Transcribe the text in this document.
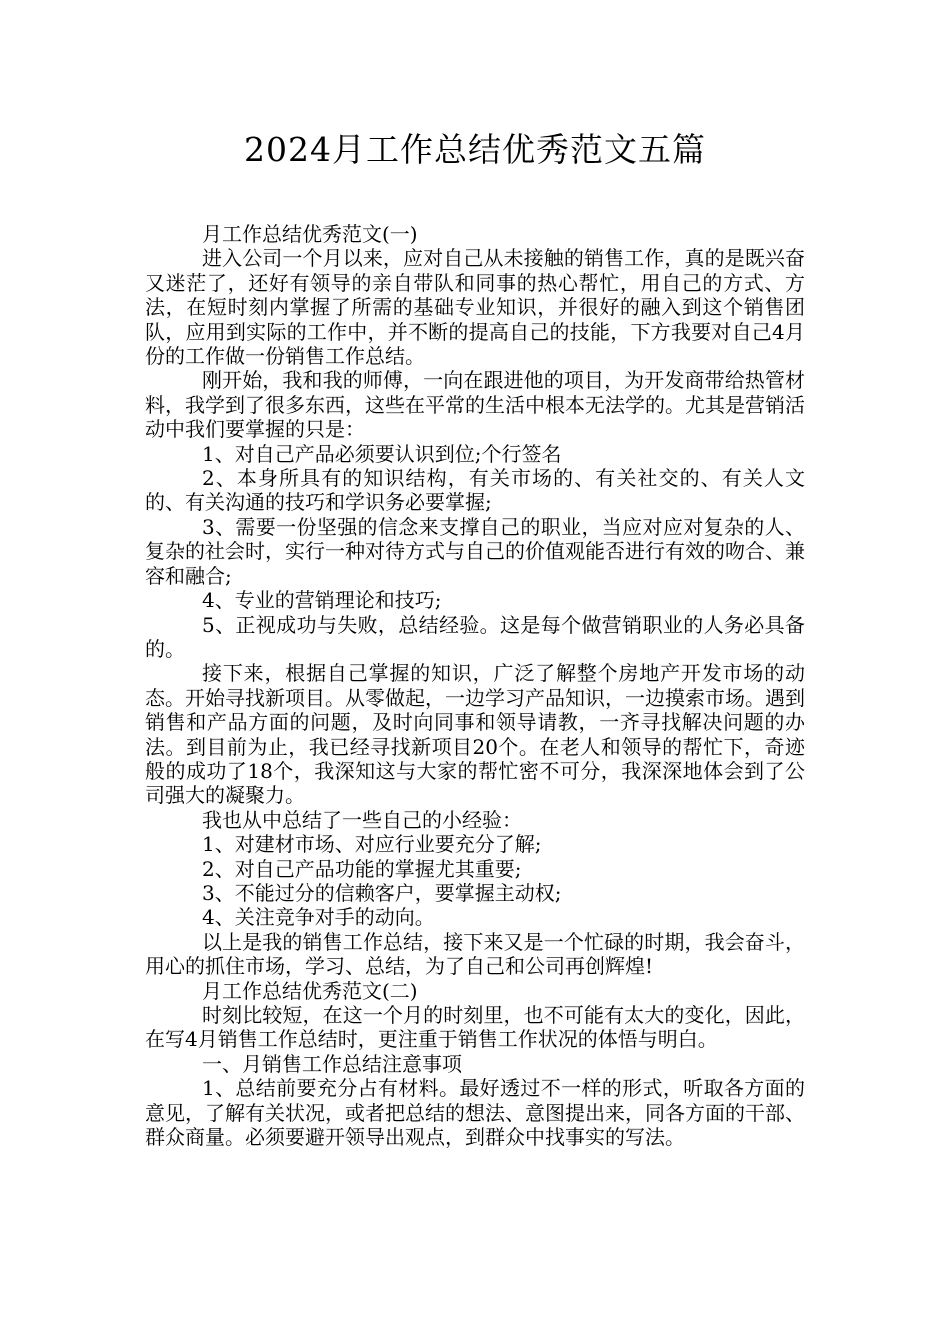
2024月工作总结优秀范文五篇

月工作总结优秀范文(一)

进入公司一个月以来，应对自己从未接触的销售工作，真的是既兴奋又迷茫了，还好有领导的亲自带队和同事的热心帮忙，用自己的方式、方法，在短时刻内掌握了所需的基础专业知识，并很好的融入到这个销售团队，应用到实际的工作中，并不断的提高自己的技能，下方我要对自己4月份的工作做一份销售工作总结。

刚开始，我和我的师傅，一向在跟进他的项目，为开发商带给热管材料，我学到了很多东西，这些在平常的生活中根本无法学的。尤其是营销活动中我们要掌握的只是：

1、对自己产品必须要认识到位;个行签名

2、本身所具有的知识结构，有关市场的、有关社交的、有关人文的、有关沟通的技巧和学识务必要掌握;

3、需要一份坚强的信念来支撑自己的职业，当应对应对复杂的人、复杂的社会时，实行一种对待方式与自己的价值观能否进行有效的吻合、兼容和融合;

4、专业的营销理论和技巧;

5、正视成功与失败，总结经验。这是每个做营销职业的人务必具备的。

接下来，根据自己掌握的知识，广泛了解整个房地产开发市场的动态。开始寻找新项目。从零做起，一边学习产品知识，一边摸索市场。遇到销售和产品方面的问题，及时向同事和领导请教，一齐寻找解决问题的办法。到目前为止，我已经寻找新项目20个。在老人和领导的帮忙下，奇迹般的成功了18个，我深知这与大家的帮忙密不可分，我深深地体会到了公司强大的凝聚力。

我也从中总结了一些自己的小经验：

1、对建材市场、对应行业要充分了解;

2、对自己产品功能的掌握尤其重要;

3、不能过分的信赖客户，要掌握主动权;

4、关注竞争对手的动向。

以上是我的销售工作总结，接下来又是一个忙碌的时期，我会奋斗，用心的抓住市场，学习、总结，为了自己和公司再创辉煌!

月工作总结优秀范文(二)

时刻比较短，在这一个月的时刻里，也不可能有太大的变化，因此，在写4月销售工作总结时，更注重于销售工作状况的体悟与明白。

一、月销售工作总结注意事项

1、总结前要充分占有材料。最好透过不一样的形式，听取各方面的意见，了解有关状况，或者把总结的想法、意图提出来，同各方面的干部、群众商量。必须要避开领导出观点，到群众中找事实的写法。
